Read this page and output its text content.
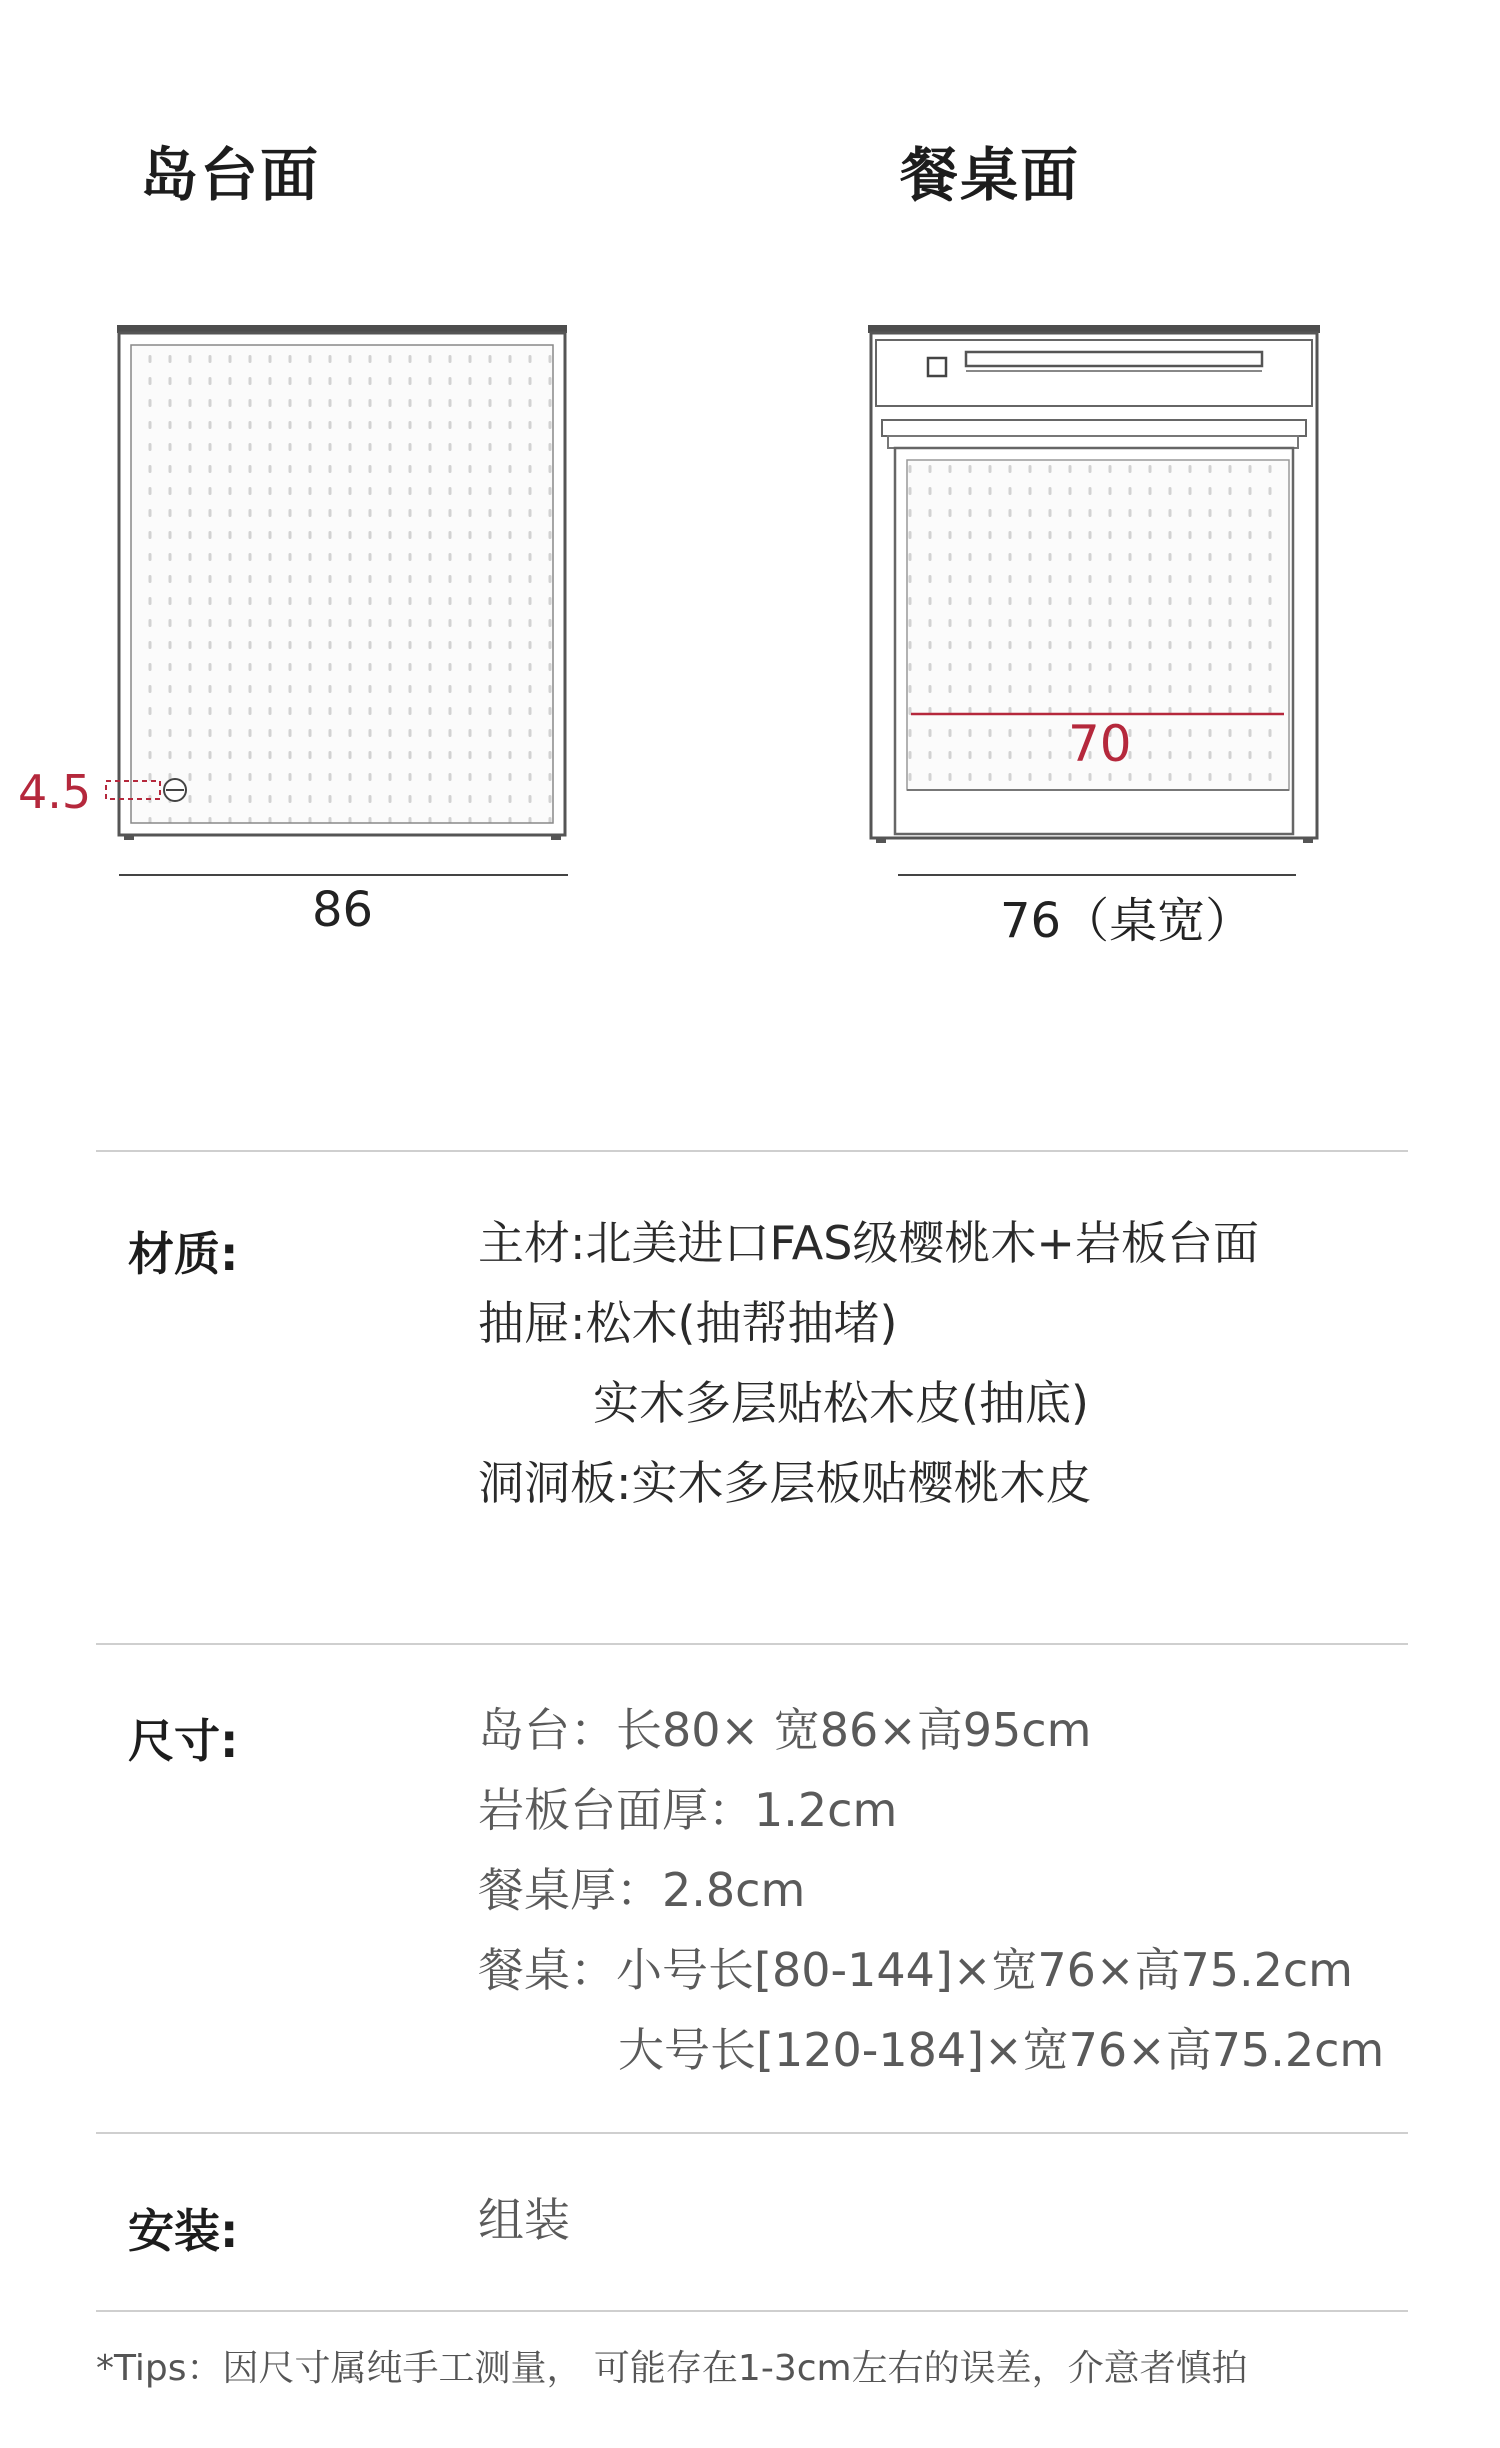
岛台面	餐桌面
4.5
70
86	76（桌宽）
材质:	主材:北美进口FAS级樱桃木+岩板台面
抽屉:松木(抽帮抽堵)
实木多层贴松木皮(抽底)
洞洞板:实木多层板贴樱桃木皮
尺寸:	岛台：长80× 宽86×高95cm
岩板台面厚：1.2cm
餐桌厚：2.8cm
餐桌：小号长[80-144]×宽76×高75.2cm
大号长[120-184]×宽76×高75.2cm
安装:	组装
*Tips：因尺寸属纯手工测量， 可能存在1-3cm左右的误差，介意者慎拍
